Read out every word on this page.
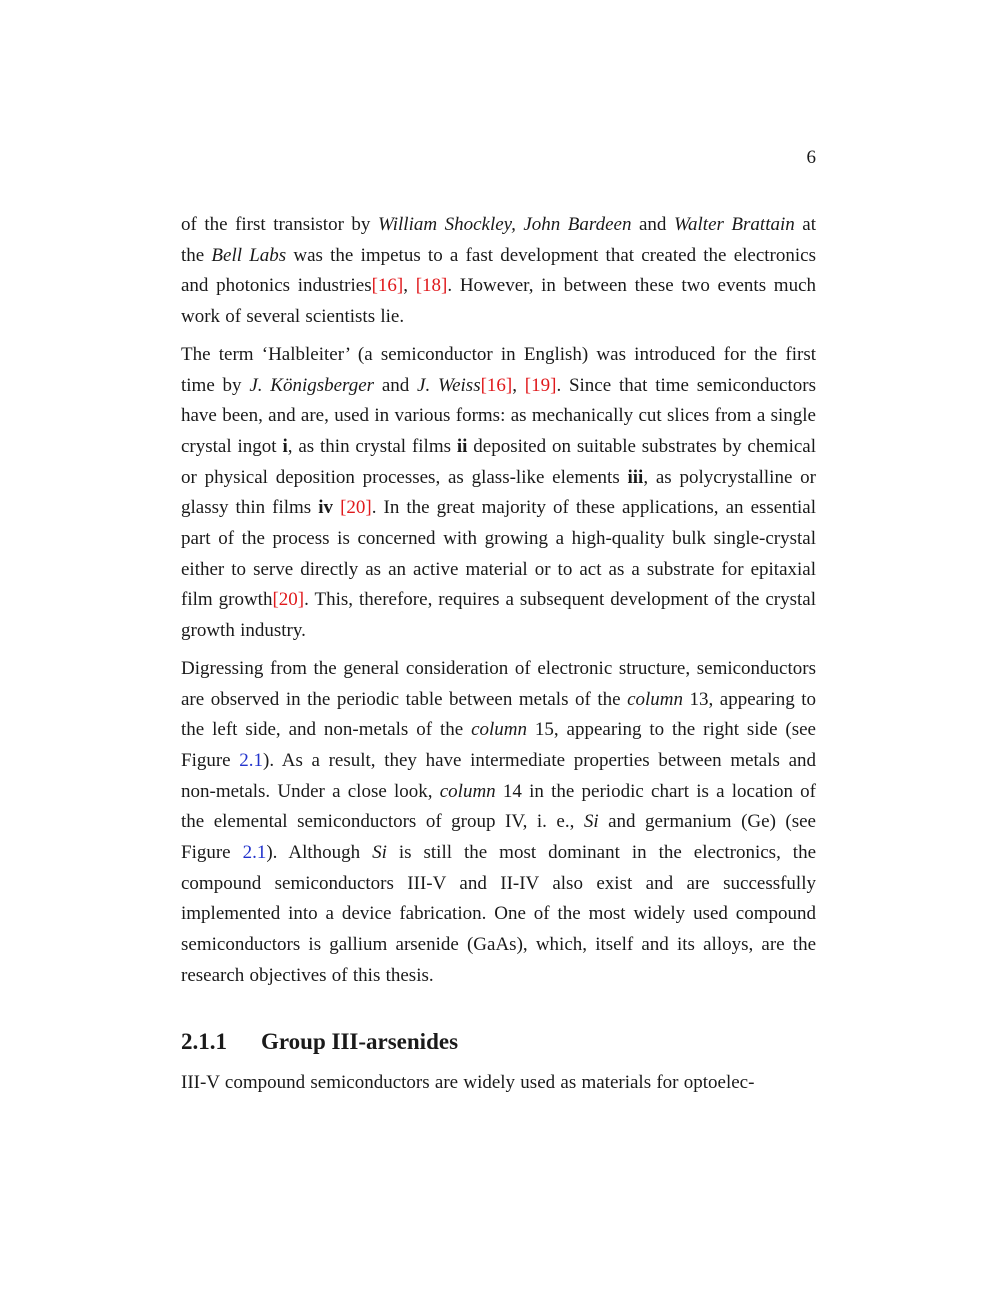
6

of the first transistor by William Shockley, John Bardeen and Walter Brattain at the Bell Labs was the impetus to a fast development that created the electronics and photonics industries[16], [18]. However, in between these two events much work of several scientists lie.

The term ‘Halbleiter’ (a semiconductor in English) was introduced for the first time by J. Königsberger and J. Weiss[16], [19]. Since that time semiconductors have been, and are, used in various forms: as mechanically cut slices from a single crystal ingot i, as thin crystal films ii deposited on suitable substrates by chemical or physical deposition processes, as glass-like elements iii, as polycrystalline or glassy thin films iv [20]. In the great majority of these applications, an essential part of the process is concerned with growing a high-quality bulk single-crystal either to serve directly as an active material or to act as a substrate for epitaxial film growth[20]. This, therefore, requires a subsequent development of the crystal growth industry.

Digressing from the general consideration of electronic structure, semiconductors are observed in the periodic table between metals of the column 13, appearing to the left side, and non-metals of the column 15, appearing to the right side (see Figure 2.1). As a result, they have intermediate properties between metals and non-metals. Under a close look, column 14 in the periodic chart is a location of the elemental semiconductors of group IV, i. e., Si and germanium (Ge) (see Figure 2.1). Although Si is still the most dominant in the electronics, the compound semiconductors III-V and II-IV also exist and are successfully implemented into a device fabrication. One of the most widely used compound semiconductors is gallium arsenide (GaAs), which, itself and its alloys, are the research objectives of this thesis.

2.1.1 Group III-arsenides

III-V compound semiconductors are widely used as materials for optoelec-
